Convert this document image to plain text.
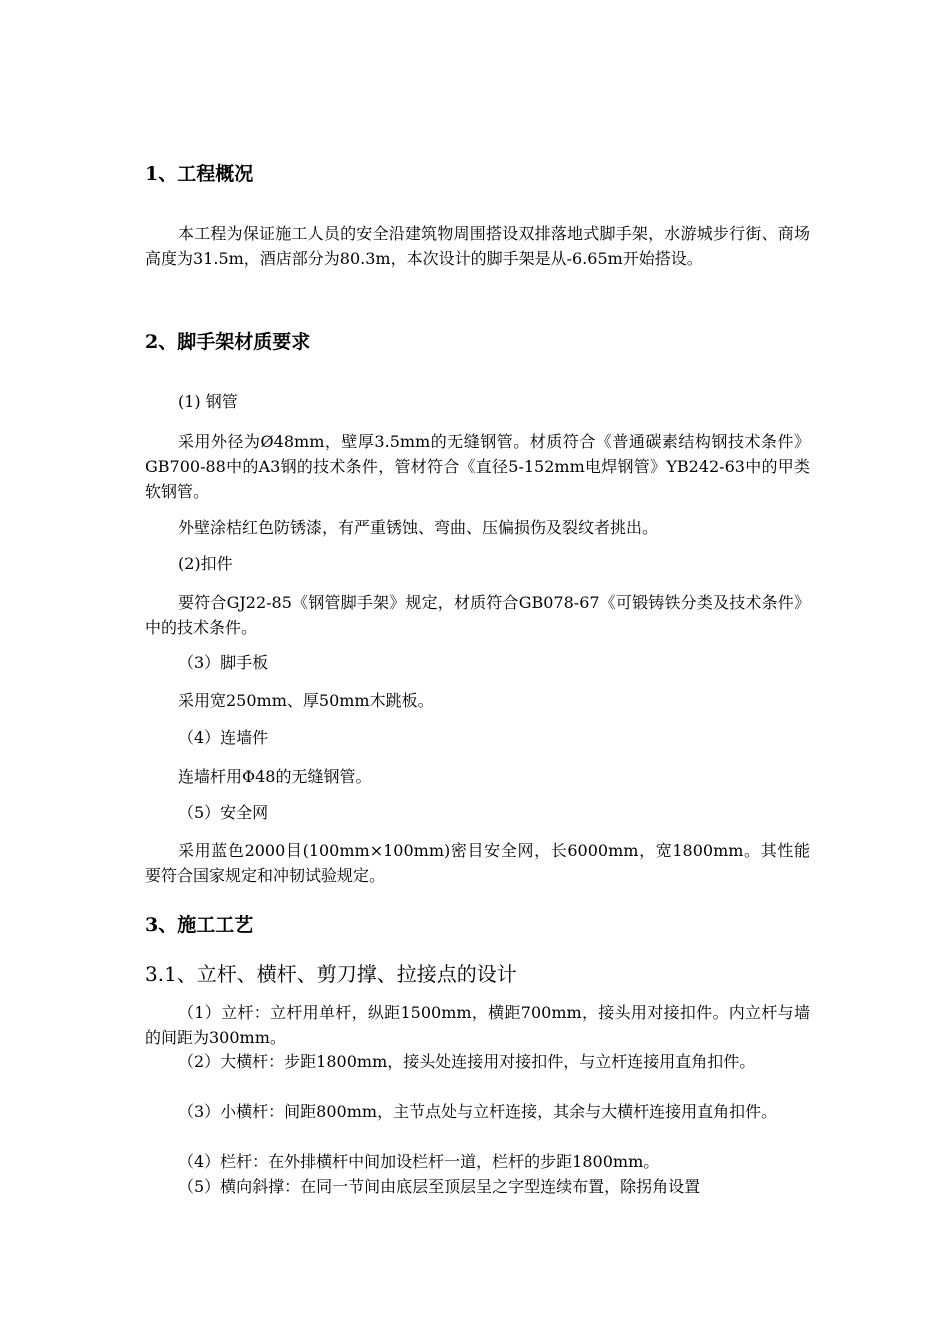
1、工程概况
本工程为保证施工人员的安全沿建筑物周围搭设双排落地式脚手架，水游城步行街、商场高度为31.5m，酒店部分为80.3m，本次设计的脚手架是从-6.65m开始搭设。
2、脚手架材质要求
(1) 钢管
采用外径为Ø48mm，壁厚3.5mm的无缝钢管。材质符合《普通碳素结构钢技术条件》GB700-88中的A3钢的技术条件，管材符合《直径5-152mm电焊钢管》YB242-63中的甲类软钢管。
外壁涂桔红色防锈漆，有严重锈蚀、弯曲、压偏损伤及裂纹者挑出。
(2)扣件
要符合GJ22-85《钢管脚手架》规定，材质符合GB078-67《可锻铸铁分类及技术条件》中的技术条件。
（3）脚手板
采用宽250mm、厚50mm木跳板。
（4）连墙件
连墙杆用Φ48的无缝钢管。
（5）安全网
采用蓝色2000目(100mm×100mm)密目安全网，长6000mm，宽1800mm。其性能要符合国家规定和冲韧试验规定。
3、施工工艺
3.1、立杆、横杆、剪刀撑、拉接点的设计
（1）立杆：立杆用单杆，纵距1500mm，横距700mm，接头用对接扣件。内立杆与墙的间距为300mm。
（2）大横杆：步距1800mm，接头处连接用对接扣件，与立杆连接用直角扣件。
（3）小横杆：间距800mm，主节点处与立杆连接，其余与大横杆连接用直角扣件。
（4）栏杆：在外排横杆中间加设栏杆一道，栏杆的步距1800mm。
（5）横向斜撑：在同一节间由底层至顶层呈之字型连续布置，除拐角设置
